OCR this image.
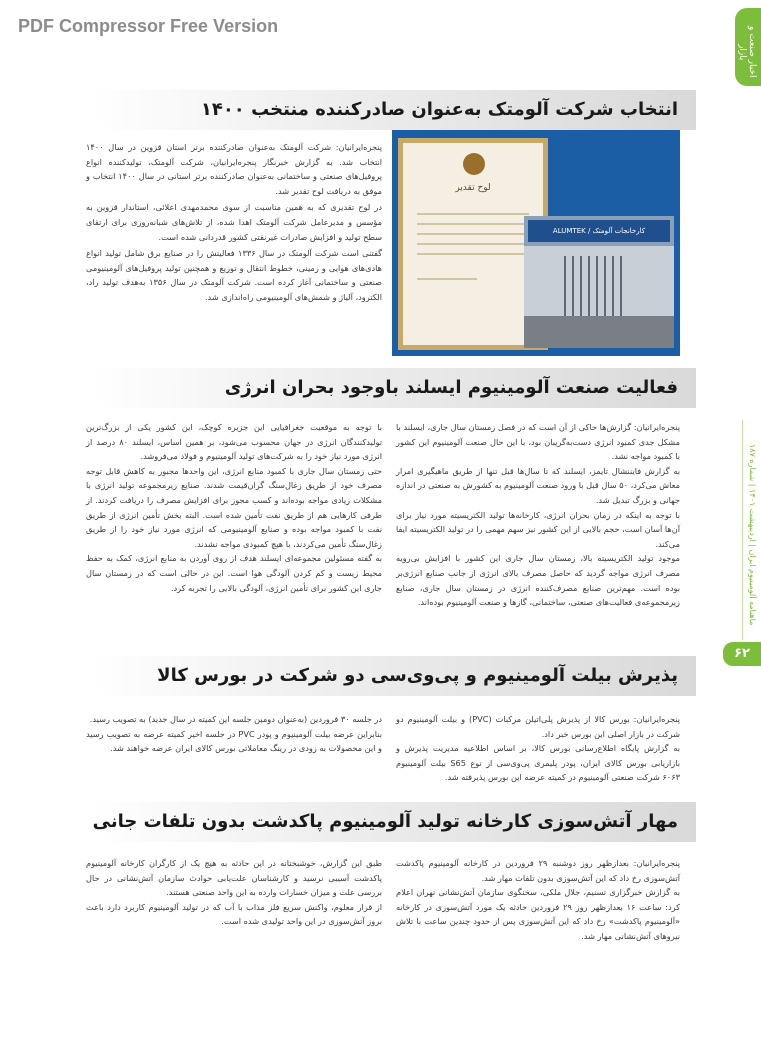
PDF Compressor Free Version
اخبار صنعت و بازار
ماهنامه آلومینیوم ایران | اردیبهشت ۱۴۰۱ | شماره ۱۸۷
۶۲
انتخاب شرکت آلومتک به‌عنوان صادرکننده منتخب ۱۴۰۰

پنجره‌ایرانیان: شرکت آلومتک به‌عنوان صادرکننده برتر استان قزوین در سال ۱۴۰۰ انتخاب شد. به گزارش خبرنگار پنجره‌ایرانیان، شرکت آلومتک، تولیدکننده انواع پروفیل‌های صنعتی و ساختمانی به‌عنوان صادرکننده برتر استانی در سال ۱۴۰۰ انتخاب و موفق به دریافت لوح تقدیر شد.

در لوح تقدیری که به همین مناسبت از سوی محمدمهدی اعلائی، استاندار قزوین به مؤسس و مدیرعامل شرکت آلومتک اهدا شده، از تلاش‌های شبانه‌روزی برای ارتقای سطح تولید و افزایش صادرات غیرنفتی کشور قدردانی شده است.

گفتنی است شرکت آلومتک در سال ۱۳۳۶ فعالیتش را در صنایع برق شامل تولید انواع هادی‌های هوایی و زمینی، خطوط انتقال و توزیع و همچنین تولید پروفیل‌های آلومینیومی صنعتی و ساختمانی آغاز کرده است. شرکت آلومتک در سال ۱۳۵۶ به‌هدف تولید راد، الکترود، آلیاژ و شمش‌های آلومینیومی راه‌اندازی شد.

لوح تقدیر
کارخانجات آلومتک / ALUMTEK
فعالیت صنعت آلومینیوم ایسلند باوجود بحران انرژی

پنجره‌ایرانیان: گزارش‌ها حاکی از آن است که در فصل زمستان سال جاری، ایسلند با مشکل جدی کمبود انرژی دست‌به‌گریبان بود، با این حال صنعت آلومینیوم این کشور با کمبود مواجه نشد.

به گزارش فایننشال تایمز، ایسلند که تا سال‌ها قبل تنها از طریق ماهیگیری امرار معاش می‌کرد، ۵۰ سال قبل با ورود صنعت آلومینیوم به کشورش به صنعتی در اندازه جهانی و بزرگ تبدیل شد.

با توجه به اینکه در زمان بحران انرژی، کارخانه‌ها تولید الکتریسیته مورد نیاز برای آن‌ها آسان است، حجم بالایی از این کشور نیز سهم مهمی را در تولید الکتریسیته ایفا می‌کند.

موجود تولید الکتریسیته بالا، زمستان سال جاری این کشور با افزایش بی‌رویه مصرف انرژی مواجه گردید که حاصل مصرف بالای انرژی از جانب صنایع انرژی‌بر بوده است. مهم‌ترین صنایع مصرف‌کننده انرژی در زمستان سال جاری، صنایع زیرمجموعه‌ی فعالیت‌های صنعتی، ساختمانی، گازها و صنعت آلومینیوم بوده‌اند.

با توجه به موقعیت جغرافیایی این جزیره کوچک، این کشور یکی از بزرگ‌ترین تولیدکنندگان انرژی در جهان محسوب می‌شود، بر همین اساس، ایسلند ۸۰ درصد از انرژی مورد نیاز خود را به شرکت‌های تولید آلومینیوم و فولاد می‌فروشد.

حتی زمستان سال جاری با کمبود منابع انرژی، این واحدها مجبور به کاهش قابل توجه مصرف خود از طریق زغال‌سنگ گران‌قیمت شدند. صنایع زیرمجموعه تولید انرژی با مشکلات زیادی مواجه بوده‌اند و کسب مجوز برای افزایش مصرف را دریافت کردند. از طرفی کارهایی هم از طریق نفت تأمین شده است. البته بخش تأمین انرژی از طریق نفت با کمبود مواجه بوده و صنایع آلومینیومی که انرژی مورد نیاز خود را از طریق زغال‌سنگ تأمین می‌کردند، با هیچ کمبودی مواجه نشدند.

به گفته مسئولین مجموعه‌ای ایسلند هدف از روی آوردن به منابع انرژی، کمک به حفظ محیط زیست و کم کردن آلودگی هوا است. این در حالی است که در زمستان سال جاری این کشور برای تأمین انرژی، آلودگی بالایی را تجربه کرد.

پذیرش بیلت آلومینیوم و پی‌وی‌سی دو شرکت در بورس کالا

پنجره‌ایرانیان: بورس کالا از پذیرش پلی‌اتیلن مرکبات (PVC) و بیلت آلومینیوم دو شرکت در بازار اصلی این بورس خبر داد.

به گزارش پایگاه اطلاع‌رسانی بورس کالا، بر اساس اطلاعیه مدیریت پذیرش و بازاریابی بورس کالای ایران، پودر پلیمری پی‌وی‌سی از نوع S65 بیلت آلومینیوم ۶۰۶۳ شرکت صنعتی آلومینیوم در کمیته عرضه این بورس پذیرفته شد.

در جلسه ۳۰ فروردین (به‌عنوان دومین جلسه این کمیته در سال جدید) به تصویب رسید.

بنابراین عرضه بیلت آلومینیوم و پودر PVC در جلسه اخیر کمیته عرضه به تصویب رسید و این محصولات به زودی در رینگ معاملاتی بورس کالای ایران عرضه خواهند شد.

مهار آتش‌سوزی کارخانه تولید آلومینیوم پاکدشت بدون تلفات جانی

پنجره‌ایرانیان: بعدازظهر روز دوشنبه ۲۹ فروردین در کارخانه آلومینیوم پاکدشت آتش‌سوزی رخ داد که این آتش‌سوزی بدون تلفات مهار شد.

به گزارش خبرگزاری تسنیم، جلال ملکی، سخنگوی سازمان آتش‌نشانی تهران اعلام کرد: ساعت ۱۶ بعدازظهر روز ۲۹ فروردین حادثه یک مورد آتش‌سوزی در کارخانه «آلومینیوم پاکدشت» رخ داد که این آتش‌سوزی پس از حدود چندین ساعت با تلاش نیروهای آتش‌نشانی مهار شد.

طبق این گزارش، خوشبختانه در این حادثه به هیچ یک از کارگران کارخانه آلومینیوم پاکدشت آسیبی نرسید و کارشناسان علت‌یابی حوادث سازمان آتش‌نشانی در حال بررسی علت و میزان خسارات وارده به این واحد صنعتی هستند.

از قرار معلوم، واکنش سریع فلز مذاب با آب که در تولید آلومینیوم کاربرد دارد باعث بروز آتش‌سوزی در این واحد تولیدی شده است.
